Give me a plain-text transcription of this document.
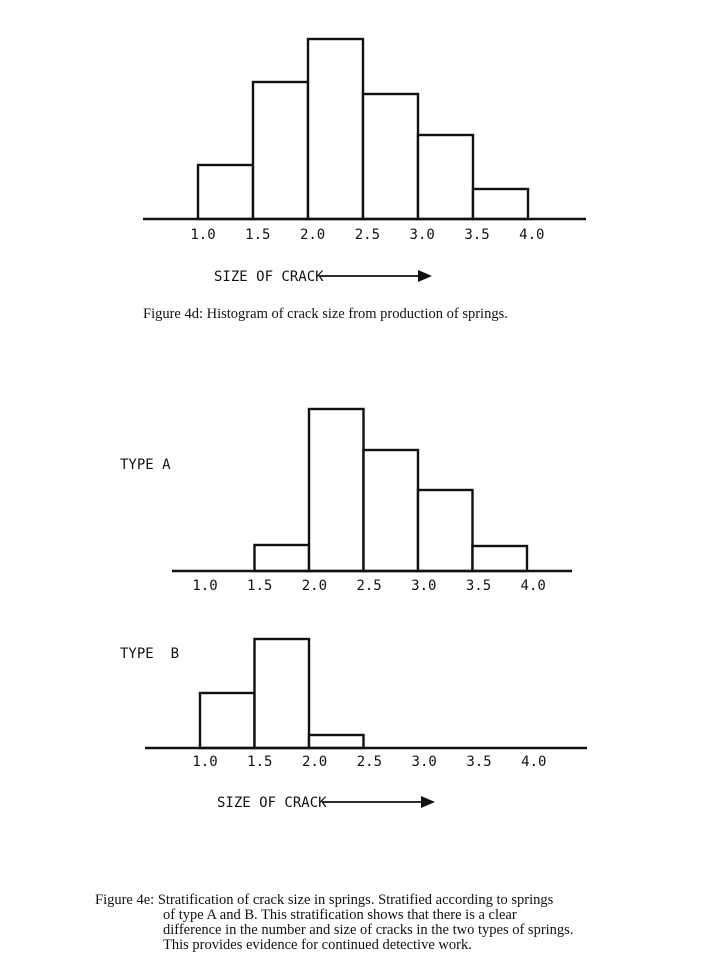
1.0 1.5 2.0 2.5 3.0 3.5 4.0
SIZE OF CRACK
Figure 4d: Histogram of crack size from production of springs.
TYPE A
1.0 1.5 2.0 2.5 3.0 3.5 4.0
TYPE  B
1.0 1.5 2.0 2.5 3.0 3.5 4.0
SIZE OF CRACK
Figure 4e: Stratification of crack size in springs. Stratified according to springs
of type A and B. This stratification shows that there is a clear
difference in the number and size of cracks in the two types of springs.
This provides evidence for continued detective work.
